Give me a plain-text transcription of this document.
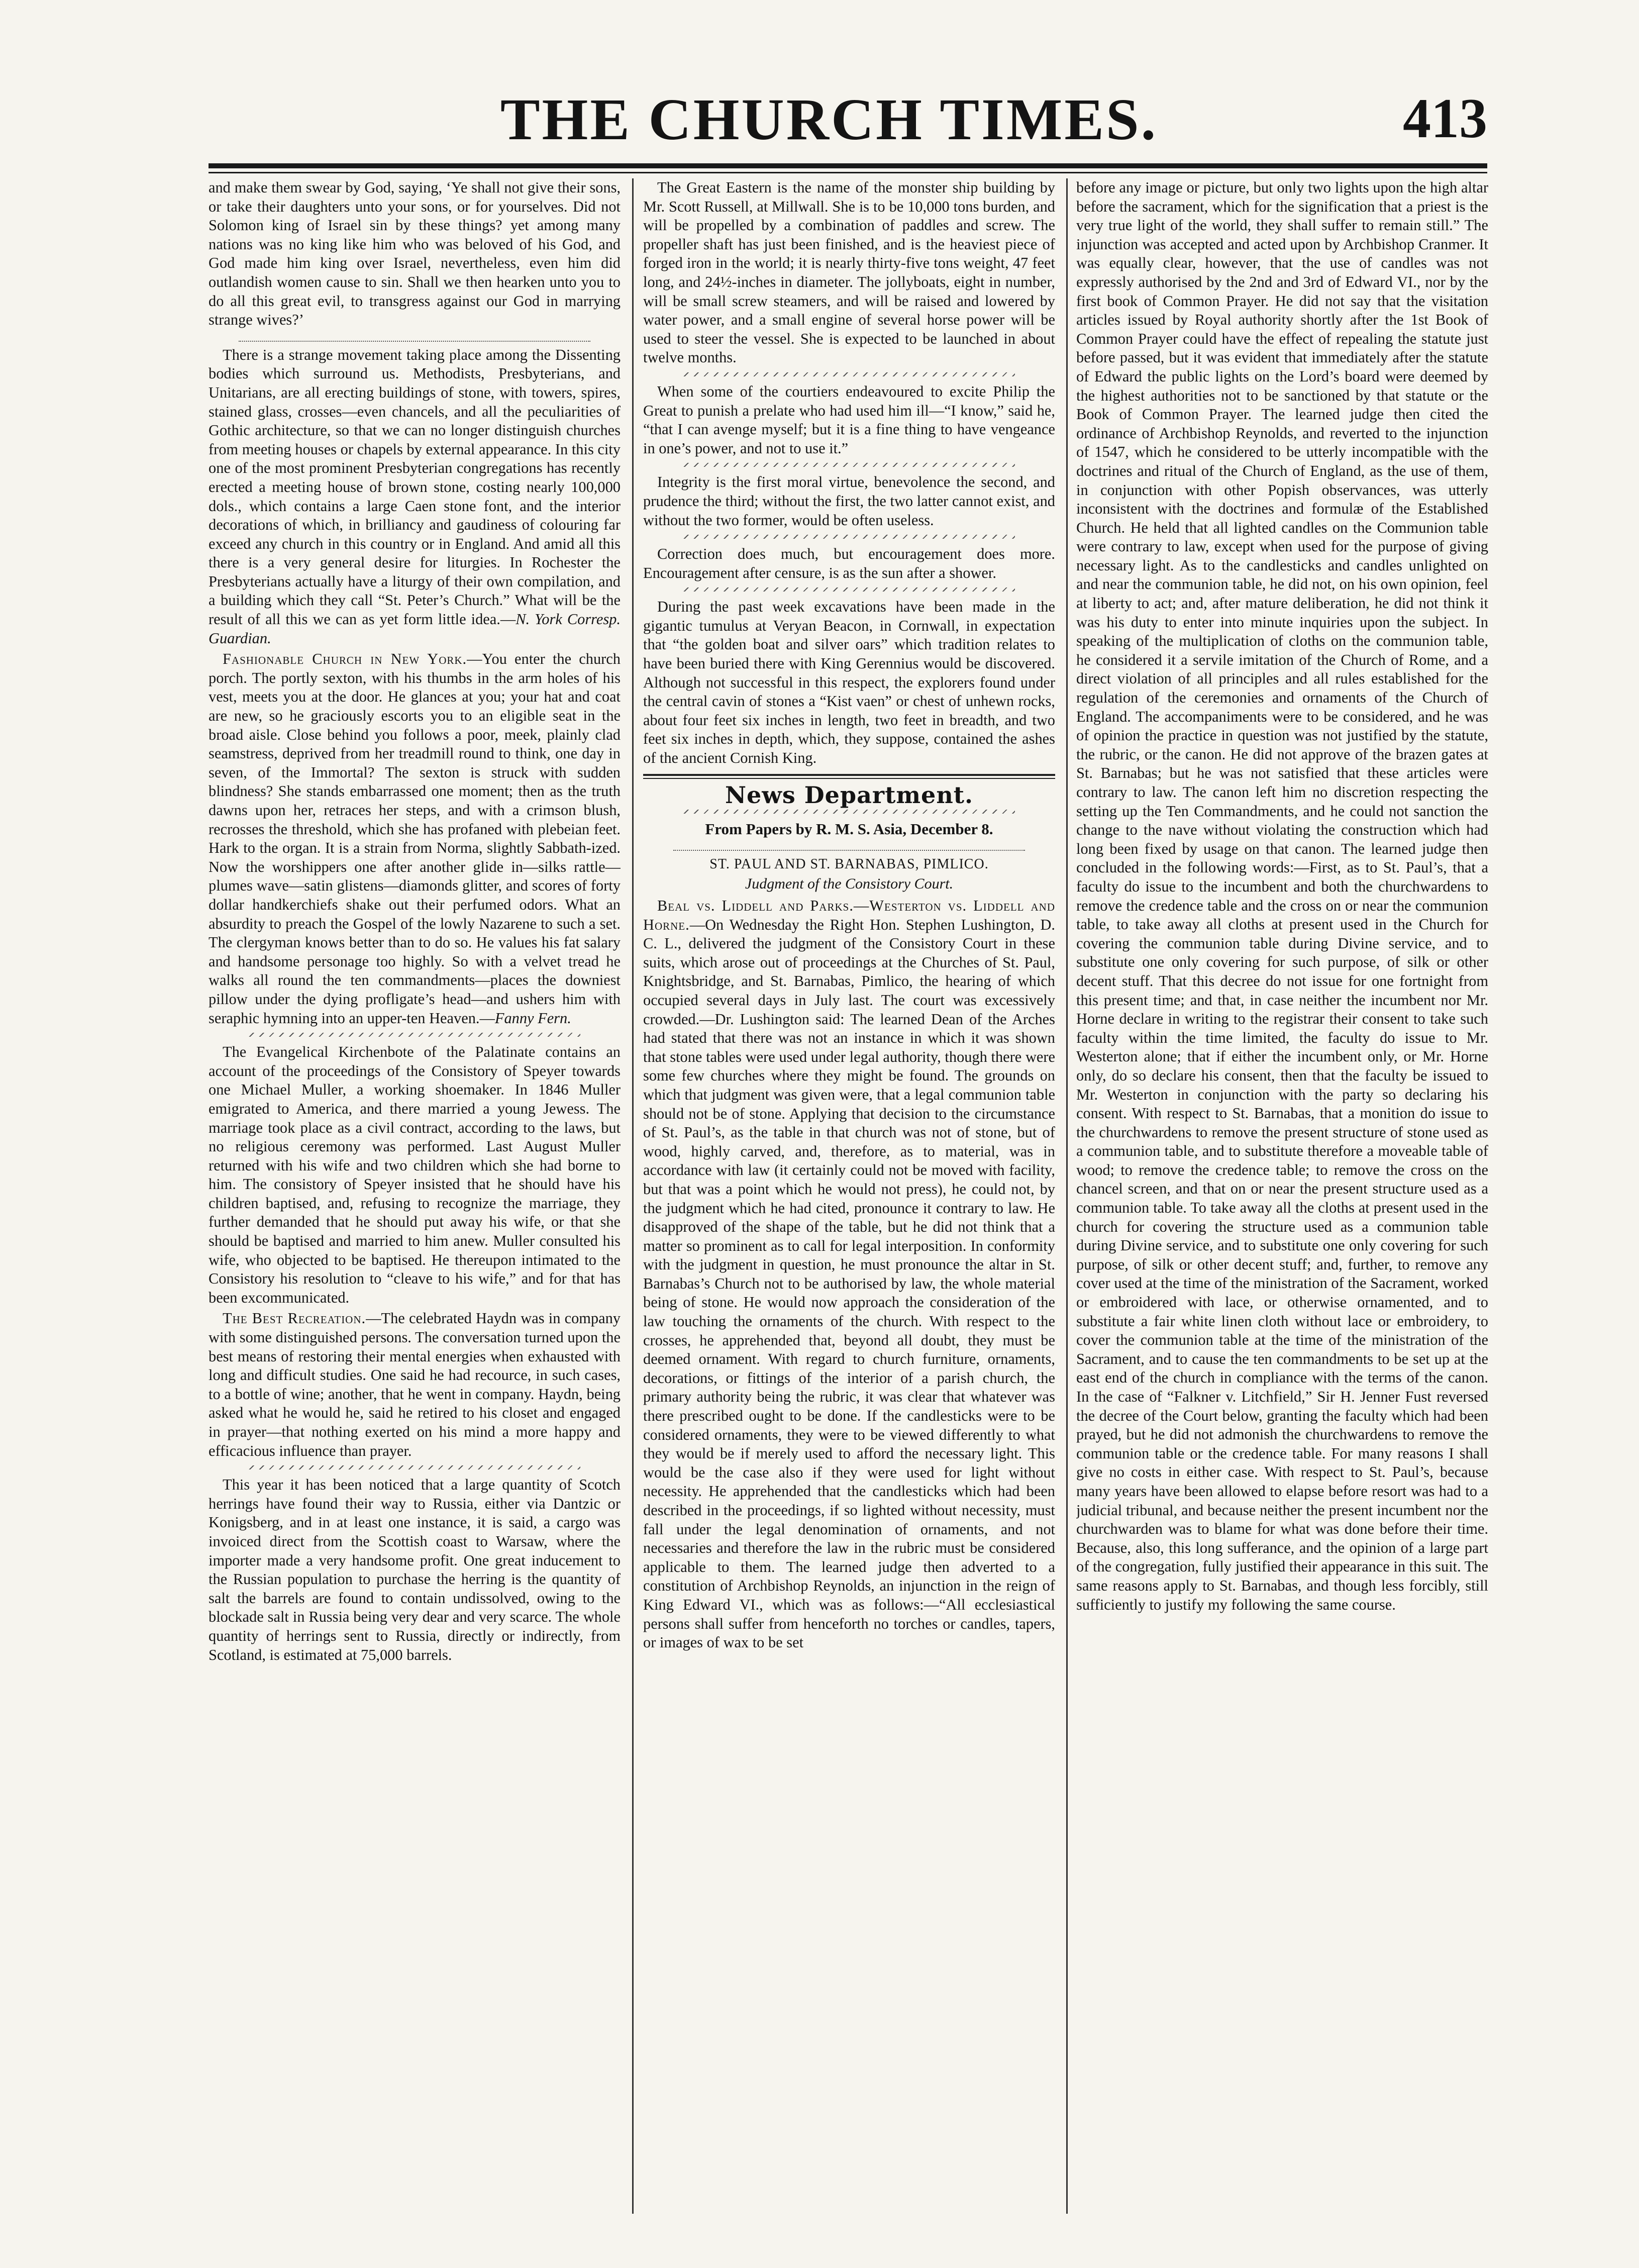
THE CHURCH TIMES.	413

and make them swear by God, saying, ‘Ye shall not give their sons, or take their daughters unto your sons, or for yourselves. Did not Solomon king of Israel sin by these things? yet among many nations was no king like him who was beloved of his God, and God made him king over Israel, nevertheless, even him did outlandish women cause to sin. Shall we then hearken unto you to do all this great evil, to transgress against our God in marrying strange wives?’

There is a strange movement taking place among the Dissenting bodies which surround us. Methodists, Presbyterians, and Unitarians, are all erecting buildings of stone, with towers, spires, stained glass, crosses—even chancels, and all the peculiarities of Gothic architecture, so that we can no longer distinguish churches from meeting houses or chapels by external appearance. In this city one of the most prominent Presbyterian congregations has recently erected a meeting house of brown stone, costing nearly 100,000 dols., which contains a large Caen stone font, and the interior decorations of which, in brilliancy and gaudiness of colouring far exceed any church in this country or in England. And amid all this there is a very general desire for liturgies. In Rochester the Presbyterians actually have a liturgy of their own compilation, and a building which they call “St. Peter’s Church.” What will be the result of all this we can as yet form little idea.—N. York Corresp. Guardian.

Fashionable Church in New York.—You enter the church porch. The portly sexton, with his thumbs in the arm holes of his vest, meets you at the door. He glances at you; your hat and coat are new, so he graciously escorts you to an eligible seat in the broad aisle. Close behind you follows a poor, meek, plainly clad seamstress, deprived from her treadmill round to think, one day in seven, of the Immortal? The sexton is struck with sudden blindness? She stands embarrassed one moment; then as the truth dawns upon her, retraces her steps, and with a crimson blush, recrosses the threshold, which she has profaned with plebeian feet. Hark to the organ. It is a strain from Norma, slightly Sabbath-ized. Now the worshippers one after another glide in—silks rattle—plumes wave—satin glistens—diamonds glitter, and scores of forty dollar handkerchiefs shake out their perfumed odors. What an absurdity to preach the Gospel of the lowly Nazarene to such a set. The clergyman knows better than to do so. He values his fat salary and handsome personage too highly. So with a velvet tread he walks all round the ten commandments—places the downiest pillow under the dying profligate’s head—and ushers him with seraphic hymning into an upper-ten Heaven.—Fanny Fern.

The Evangelical Kirchenbote of the Palatinate contains an account of the proceedings of the Consistory of Speyer towards one Michael Muller, a working shoemaker. In 1846 Muller emigrated to America, and there married a young Jewess. The marriage took place as a civil contract, according to the laws, but no religious ceremony was performed. Last August Muller returned with his wife and two children which she had borne to him. The consistory of Speyer insisted that he should have his children baptised, and, refusing to recognize the marriage, they further demanded that he should put away his wife, or that she should be baptised and married to him anew. Muller consulted his wife, who objected to be baptised. He thereupon intimated to the Consistory his resolution to “cleave to his wife,” and for that has been excommunicated.

The Best Recreation.—The celebrated Haydn was in company with some distinguished persons. The conversation turned upon the best means of restoring their mental energies when exhausted with long and difficult studies. One said he had recource, in such cases, to a bottle of wine; another, that he went in company. Haydn, being asked what he would he, said he retired to his closet and engaged in prayer—that nothing exerted on his mind a more happy and efficacious influence than prayer.

This year it has been noticed that a large quantity of Scotch herrings have found their way to Russia, either via Dantzic or Konigsberg, and in at least one instance, it is said, a cargo was invoiced direct from the Scottish coast to Warsaw, where the importer made a very handsome profit. One great inducement to the Russian population to purchase the herring is the quantity of salt the barrels are found to contain undissolved, owing to the blockade salt in Russia being very dear and very scarce. The whole quantity of herrings sent to Russia, directly or indirectly, from Scotland, is estimated at 75,000 barrels.

The Great Eastern is the name of the monster ship building by Mr. Scott Russell, at Millwall. She is to be 10,000 tons burden, and will be propelled by a combination of paddles and screw. The propeller shaft has just been finished, and is the heaviest piece of forged iron in the world; it is nearly thirty-five tons weight, 47 feet long, and 24½-inches in diameter. The jollyboats, eight in number, will be small screw steamers, and will be raised and lowered by water power, and a small engine of several horse power will be used to steer the vessel. She is expected to be launched in about twelve months.

When some of the courtiers endeavoured to excite Philip the Great to punish a prelate who had used him ill—“I know,” said he, “that I can avenge myself; but it is a fine thing to have vengeance in one’s power, and not to use it.”

Integrity is the first moral virtue, benevolence the second, and prudence the third; without the first, the two latter cannot exist, and without the two former, would be often useless.

Correction does much, but encouragement does more. Encouragement after censure, is as the sun after a shower.

During the past week excavations have been made in the gigantic tumulus at Veryan Beacon, in Cornwall, in expectation that “the golden boat and silver oars” which tradition relates to have been buried there with King Gerennius would be discovered. Although not successful in this respect, the explorers found under the central cavin of stones a “Kist vaen” or chest of unhewn rocks, about four feet six inches in length, two feet in breadth, and two feet six inches in depth, which, they suppose, contained the ashes of the ancient Cornish King.

News Department.
From Papers by R. M. S. Asia, December 8.
ST. PAUL AND ST. BARNABAS, PIMLICO.
Judgment of the Consistory Court.

Beal vs. Liddell and Parks.—Westerton vs. Liddell and Horne.—On Wednesday the Right Hon. Stephen Lushington, D. C. L., delivered the judgment of the Consistory Court in these suits, which arose out of proceedings at the Churches of St. Paul, Knightsbridge, and St. Barnabas, Pimlico, the hearing of which occupied several days in July last. The court was excessively crowded.—Dr. Lushington said: The learned Dean of the Arches had stated that there was not an instance in which it was shown that stone tables were used under legal authority, though there were some few churches where they might be found. The grounds on which that judgment was given were, that a legal communion table should not be of stone. Applying that decision to the circumstance of St. Paul’s, as the table in that church was not of stone, but of wood, highly carved, and, therefore, as to material, was in accordance with law (it certainly could not be moved with facility, but that was a point which he would not press), he could not, by the judgment which he had cited, pronounce it contrary to law. He disapproved of the shape of the table, but he did not think that a matter so prominent as to call for legal interposition. In conformity with the judgment in question, he must pronounce the altar in St. Barnabas’s Church not to be authorised by law, the whole material being of stone. He would now approach the consideration of the law touching the ornaments of the church. With respect to the crosses, he apprehended that, beyond all doubt, they must be deemed ornament. With regard to church furniture, ornaments, decorations, or fittings of the interior of a parish church, the primary authority being the rubric, it was clear that whatever was there prescribed ought to be done. If the candlesticks were to be considered ornaments, they were to be viewed differently to what they would be if merely used to afford the necessary light. This would be the case also if they were used for light without necessity. He apprehended that the candlesticks which had been described in the proceedings, if so lighted without necessity, must fall under the legal denomination of ornaments, and not necessaries and therefore the law in the rubric must be considered applicable to them. The learned judge then adverted to a constitution of Archbishop Reynolds, an injunction in the reign of King Edward VI., which was as follows:—“All ecclesiastical persons shall suffer from henceforth no torches or candles, tapers, or images of wax to be set

before any image or picture, but only two lights upon the high altar before the sacrament, which for the signification that a priest is the very true light of the world, they shall suffer to remain still.” The injunction was accepted and acted upon by Archbishop Cranmer. It was equally clear, however, that the use of candles was not expressly authorised by the 2nd and 3rd of Edward VI., nor by the first book of Common Prayer. He did not say that the visitation articles issued by Royal authority shortly after the 1st Book of Common Prayer could have the effect of repealing the statute just before passed, but it was evident that immediately after the statute of Edward the public lights on the Lord’s board were deemed by the highest authorities not to be sanctioned by that statute or the Book of Common Prayer. The learned judge then cited the ordinance of Archbishop Reynolds, and reverted to the injunction of 1547, which he considered to be utterly incompatible with the doctrines and ritual of the Church of England, as the use of them, in conjunction with other Popish observances, was utterly inconsistent with the doctrines and formulæ of the Established Church. He held that all lighted candles on the Communion table were contrary to law, except when used for the purpose of giving necessary light. As to the candlesticks and candles unlighted on and near the communion table, he did not, on his own opinion, feel at liberty to act; and, after mature deliberation, he did not think it was his duty to enter into minute inquiries upon the subject. In speaking of the multiplication of cloths on the communion table, he considered it a servile imitation of the Church of Rome, and a direct violation of all principles and all rules established for the regulation of the ceremonies and ornaments of the Church of England. The accompaniments were to be considered, and he was of opinion the practice in question was not justified by the statute, the rubric, or the canon. He did not approve of the brazen gates at St. Barnabas; but he was not satisfied that these articles were contrary to law. The canon left him no discretion respecting the setting up the Ten Commandments, and he could not sanction the change to the nave without violating the construction which had long been fixed by usage on that canon. The learned judge then concluded in the following words:—First, as to St. Paul’s, that a faculty do issue to the incumbent and both the churchwardens to remove the credence table and the cross on or near the communion table, to take away all cloths at present used in the Church for covering the communion table during Divine service, and to substitute one only covering for such purpose, of silk or other decent stuff. That this decree do not issue for one fortnight from this present time; and that, in case neither the incumbent nor Mr. Horne declare in writing to the registrar their consent to take such faculty within the time limited, the faculty do issue to Mr. Westerton alone; that if either the incumbent only, or Mr. Horne only, do so declare his consent, then that the faculty be issued to Mr. Westerton in conjunction with the party so declaring his consent. With respect to St. Barnabas, that a monition do issue to the churchwardens to remove the present structure of stone used as a communion table, and to substitute therefore a moveable table of wood; to remove the credence table; to remove the cross on the chancel screen, and that on or near the present structure used as a communion table. To take away all the cloths at present used in the church for covering the structure used as a communion table during Divine service, and to substitute one only covering for such purpose, of silk or other decent stuff; and, further, to remove any cover used at the time of the ministration of the Sacrament, worked or embroidered with lace, or otherwise ornamented, and to substitute a fair white linen cloth without lace or embroidery, to cover the communion table at the time of the ministration of the Sacrament, and to cause the ten commandments to be set up at the east end of the church in compliance with the terms of the canon. In the case of “Falkner v. Litchfield,” Sir H. Jenner Fust reversed the decree of the Court below, granting the faculty which had been prayed, but he did not admonish the churchwardens to remove the communion table or the credence table. For many reasons I shall give no costs in either case. With respect to St. Paul’s, because many years have been allowed to elapse before resort was had to a judicial tribunal, and because neither the present incumbent nor the churchwarden was to blame for what was done before their time. Because, also, this long sufferance, and the opinion of a large part of the congregation, fully justified their appearance in this suit. The same reasons apply to St. Barnabas, and though less forcibly, still sufficiently to justify my following the same course.
